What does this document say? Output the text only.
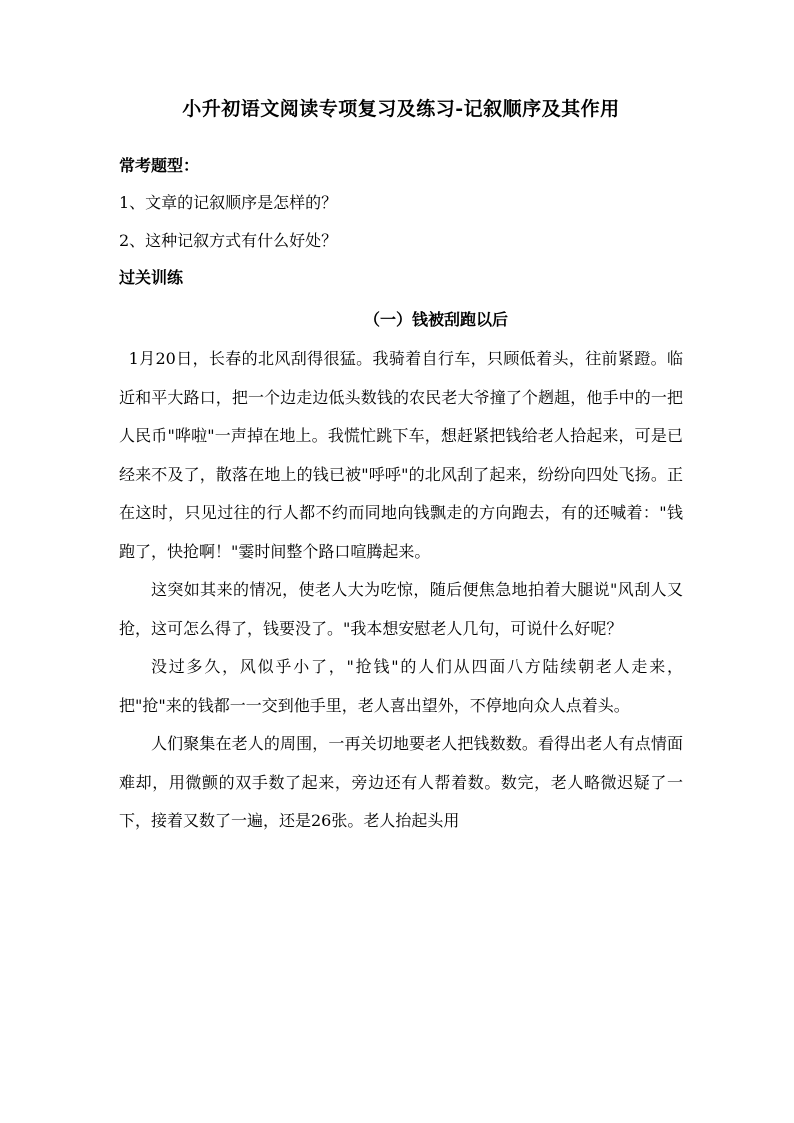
小升初语文阅读专项复习及练习-记叙顺序及其作用

常考题型：

1、文章的记叙顺序是怎样的？

2、这种记叙方式有什么好处？

过关训练

（一）钱被刮跑以后

1月20日，长春的北风刮得很猛。我骑着自行车，只顾低着头，往前紧蹬。临近和平大路口，把一个边走边低头数钱的农民老大爷撞了个趔趄，他手中的一把人民币"哗啦"一声掉在地上。我慌忙跳下车，想赶紧把钱给老人拾起来，可是已经来不及了，散落在地上的钱已被"呼呼"的北风刮了起来，纷纷向四处飞扬。正在这时，只见过往的行人都不约而同地向钱飘走的方向跑去，有的还喊着："钱跑了，快抢啊！"霎时间整个路口喧腾起来。

这突如其来的情况，使老人大为吃惊，随后便焦急地拍着大腿说"风刮人又抢，这可怎么得了，钱要没了。"我本想安慰老人几句，可说什么好呢？

没过多久，风似乎小了，"抢钱"的人们从四面八方陆续朝老人走来，把"抢"来的钱都一一交到他手里，老人喜出望外，不停地向众人点着头。

人们聚集在老人的周围，一再关切地要老人把钱数数。看得出老人有点情面难却，用微颤的双手数了起来，旁边还有人帮着数。数完，老人略微迟疑了一下，接着又数了一遍，还是26张。老人抬起头用
